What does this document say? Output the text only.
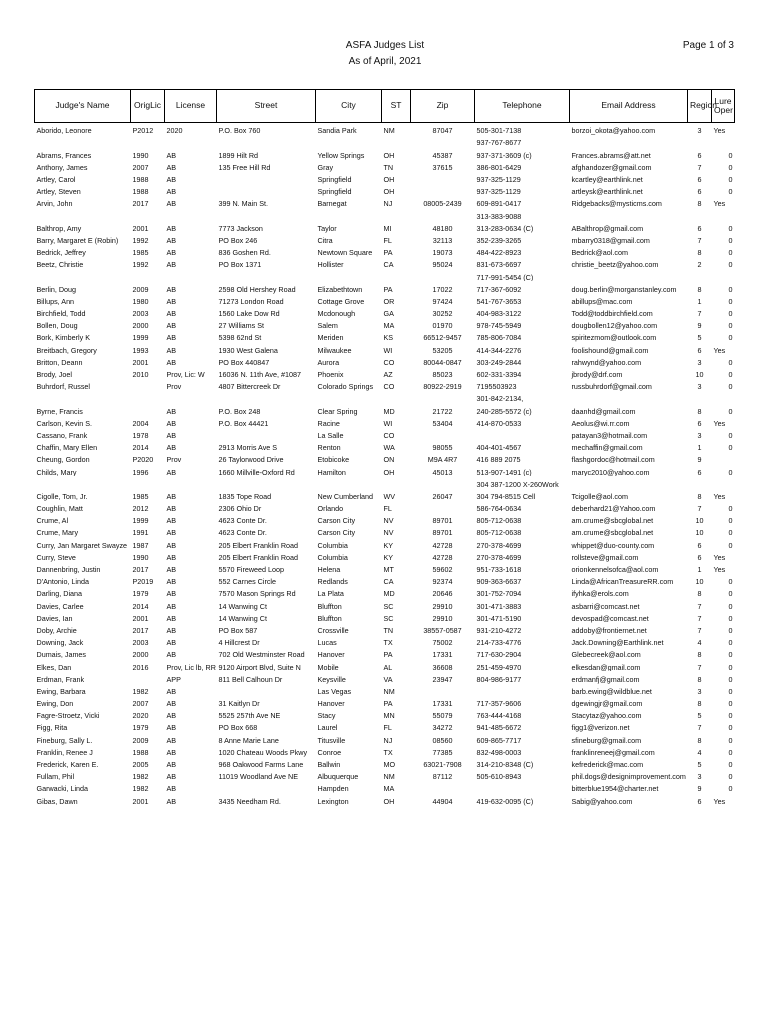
ASFA Judges List
As of April, 2021
Page 1 of 3
Judge's Name	OrigLic	License	Street	City	ST	Zip	Telephone	Email Address	Region	Lure Oper
Aborido, Leonore	P2012	2020	P.O. Box 760	Sandia Park	NM	87047	505-301-7138	borzoi_okota@yahoo.com	3	Yes
							937-767-8677			
Abrams, Frances	1990	AB	1899 Hilt Rd	Yellow Springs	OH	45387	937-371-3609 (c)	Frances.abrams@att.net	6	0
Anthony, James	2007	AB	135 Free Hill Rd	Gray	TN	37615	386-801-6429	afghandozer@gmail.com	7	0
Artley, Carol	1988	AB		Springfield	OH		937-325-1129	kcartley@earthlink.net	6	0
Artley, Steven	1988	AB		Springfield	OH		937-325-1129	artleysk@earthlink.net	6	0
Arvin, John	2017	AB	399 N. Main St.	Barnegat	NJ	08005-2439	609-891-0417	Ridgebacks@mysticms.com	8	Yes
							313-383-9088			
Balthrop, Amy	2001	AB	7773 Jackson	Taylor	MI	48180	313-283-0634 (C)	ABalthrop@gmail.com	6	0
Barry, Margaret E (Robin)	1992	AB	PO Box 246	Citra	FL	32113	352-239-3265	mbarry0318@gmail.com	7	0
Bedrick, Jeffrey	1985	AB	836 Goshen Rd.	Newtown Square	PA	19073	484-422-8923	Bedrick@aol.com	8	0
Beetz, Christie	1992	AB	PO Box 1371	Hollister	CA	95024	831-673-6697	christie_beetz@yahoo.com	2	0
							717-991-5454 (C)			
Berlin, Doug	2009	AB	2598 Old Hershey Road	Elizabethtown	PA	17022	717-367-6092	doug.berlin@morganstanley.com	8	0
Billups, Ann	1980	AB	71273 London Road	Cottage Grove	OR	97424	541-767-3653	abillups@mac.com	1	0
Birchfield, Todd	2003	AB	1560 Lake Dow Rd	Mcdonough	GA	30252	404-983-3122	Todd@toddbirchfield.com	7	0
Bollen, Doug	2000	AB	27 Williams St	Salem	MA	01970	978-745-5949	dougbollen12@yahoo.com	9	0
Bork, Kimberly K	1999	AB	5398 62nd St	Meriden	KS	66512-9457	785-806-7084	spiritezmom@outlook.com	5	0
Breitbach, Gregory	1993	AB	1930 West Galena	Milwaukee	WI	53205	414-344-2276	foolishound@gmail.com	6	Yes
Britton, Deann	2001	AB	PO Box 440847	Aurora	CO	80044-0847	303-249-2844	rahwynd@yahoo.com	3	0
Brody, Joel	2010	Prov, Lic: W	16036 N. 11th Ave, #1087	Phoenix	AZ	85023	602-331-3394	jbrody@drf.com	10	0
Buhrdorf, Russel		Prov	4807 Bittercreek Dr	Colorado Springs	CO	80922-2919	7195503923	russbuhrdorf@gmail.com	3	0
							301-842-2134,			
Byrne, Francis		AB	P.O. Box 248	Clear Spring	MD	21722	240-285-5572 (c)	daanhd@gmail.com	8	0
Carlson, Kevin S.	2004	AB	P.O. Box 44421	Racine	WI	53404	414-870-0533	Aeolus@wi.rr.com	6	Yes
Cassano, Frank	1978	AB		La Salle	CO			patayan3@hotmail.com	3	0
Chaffin, Mary Ellen	2014	AB	2913 Morris Ave S	Renton	WA	98055	404-401-4567	mechaffin@gmail.com	1	0
Cheung, Gordon	P2020	Prov	26 Taylorwood Drive	Etobicoke	ON	M9A 4R7	416 889 2075	flashgordoc@hotmail.com	9	
Childs, Mary	1996	AB	1660 Millville-Oxford Rd	Hamilton	OH	45013	513-907-1491 (c)	maryc2010@yahoo.com	6	0
							304 387-1200 X-260Work			
Cigolle, Tom, Jr.	1985	AB	1835 Tope Road	New Cumberland	WV	26047	304 794-8515 Cell	Tcigolle@aol.com	8	Yes
Coughlin, Matt	2012	AB	2306 Ohio Dr	Orlando	FL		586-764-0634	deberhard21@Yahoo.com	7	0
Crume, Al	1999	AB	4623 Conte Dr.	Carson City	NV	89701	805-712-0638	am.crume@sbcglobal.net	10	0
Crume, Mary	1991	AB	4623 Conte Dr.	Carson City	NV	89701	805-712-0638	am.crume@sbcglobal.net	10	0
Curry, Jan Margaret Swayze	1987	AB	205 Elbert Franklin Road	Columbia	KY	42728	270-378-4699	whippet@duo-county.com	6	0
Curry, Steve	1990	AB	205 Elbert Franklin Road	Columbia	KY	42728	270-378-4699	rollsteve@gmail.com	6	Yes
Dannenbring, Justin	2017	AB	5570 Fireweed Loop	Helena	MT	59602	951-733-1618	orionkennelsofca@aol.com	1	Yes
D'Antonio, Linda	P2019	AB	552 Carnes Circle	Redlands	CA	92374	909-363-6637	Linda@AfricanTreasureRR.com	10	0
Darling, Diana	1979	AB	7570 Mason Springs Rd	La Plata	MD	20646	301-752-7094	ifyhka@erols.com	8	0
Davies, Carlee	2014	AB	14 Wanwing Ct	Bluffton	SC	29910	301-471-3883	asbarri@comcast.net	7	0
Davies, Ian	2001	AB	14 Wanwing Ct	Bluffton	SC	29910	301-471-5190	devospad@comcast.net	7	0
Doby, Archie	2017	AB	PO Box 587	Crossville	TN	38557-0587	931-210-4272	addoby@frontiernet.net	7	0
Downing, Jack	2003	AB	4 Hillcrest Dr	Lucas	TX	75002	214-733-4776	Jack.Downing@Earthlink.net	4	0
Dumais, James	2000	AB	702 Old Westminster Road	Hanover	PA	17331	717-630-2904	Glebecreek@aol.com	8	0
Elkes, Dan	2016	Prov, Lic lb, RR	9120 Airport Blvd, Suite N	Mobile	AL	36608	251-459-4970	elkesdan@gmail.com	7	0
Erdman, Frank		APP	811 Bell Calhoun Dr	Keysville	VA	23947	804-986-9177	erdmanfj@gmail.com	8	0
Ewing, Barbara	1982	AB		Las Vegas	NM			barb.ewing@wildblue.net	3	0
Ewing, Don	2007	AB	31 Kaitlyn Dr	Hanover	PA	17331	717-357-9606	dgewingjr@gmail.com	8	0
Fagre-Stroetz, Vicki	2020	AB	5525 257th Ave NE	Stacy	MN	55079	763-444-4168	Stacytaz@yahoo.com	5	0
Figg, Rita	1979	AB	PO Box 668	Laurel	FL	34272	941-485-6672	figg1@verizon.net	7	0
Fineburg, Sally L.	2009	AB	8 Anne Marie Lane	Titusville	NJ	08560	609-865-7717	sfineburg@gmail.com	8	0
Franklin, Renee J	1988	AB	1020 Chateau Woods Pkwy	Conroe	TX	77385	832-498-0003	franklinreneej@gmail.com	4	0
Frederick, Karen E.	2005	AB	968 Oakwood Farms Lane	Ballwin	MO	63021-7908	314-210-8348 (C)	kefrederick@mac.com	5	0
Fullam, Phil	1982	AB	11019 Woodland Ave NE	Albuquerque	NM	87112	505-610-8943	phil.dogs@designimprovement.com	3	0
Garwacki, Linda	1982	AB		Hampden	MA			bitterblue1954@charter.net	9	0
Gibas, Dawn	2001	AB	3435 Needham Rd.	Lexington	OH	44904	419-632-0095 (C)	Sabig@yahoo.com	6	Yes
